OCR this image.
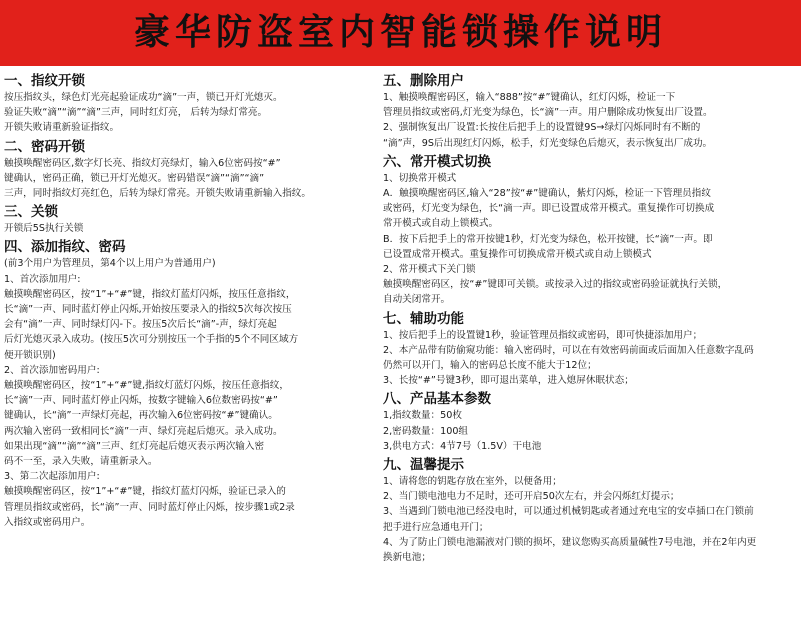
豪华防盗室内智能锁操作说明
一、指纹开锁
按压指纹头，绿色灯光亮起验证成功“滴”一声，锁已开灯光熄灭。
验证失败“滴”“滴”“滴”三声，同时红灯亮， 后转为绿灯常亮。
开锁失败请重新验证指纹。
二、密码开锁
触摸唤醒密码区,数字灯长亮、指纹灯亮绿灯，输入6位密码按“#”
键确认，密码正确，锁已开灯光熄灭。密码错误“滴”“滴”“滴”
三声，同时指纹灯亮红色，后转为绿灯常亮。开锁失败请重新输入指纹。
三、关锁
开锁后5S执行关锁
四、添加指纹、密码
(前3个用户为管理员，第4个以上用户为普通用户)
1、首次添加用户:
触摸唤醒密码区，按“1”+“#”键，指纹灯蓝灯闪烁，按压任意指纹，
长“滴”一声、同时蓝灯停止闪烁,开始按压要录入的指纹5次每次按压
会有“滴”一声、同时绿灯闪-下。按压5次后长“滴”-声，绿灯亮起
后灯光熄灭录入成功。(按压5次可分别按压一个手指的5个不同区域方
便开锁识别)
2、首次添加密码用户:
触摸唤醒密码区，按“1”+“#”键,指纹灯蓝灯闪烁，按压任意指纹，
长“滴”一声、同时蓝灯停止闪烁，按数字键输入6位数密码按“#”
键确认，长“滴”一声绿灯亮起，再次输入6位密码按“#”键确认。
两次输入密码一致相同长“滴”一声、绿灯亮起后熄灭。录入成功。
如果出现“滴”“滴”“滴”三声、红灯亮起后熄灭表示两次输入密
码不一至，录入失败，请重新录入。
3、第二次起添加用户:
触摸唤醒密码区，按“1”+“#”键，指纹灯蓝灯闪烁，验证已录入的
管理员指纹或密码，长“滴”一声、同时蓝灯停止闪烁，按步骤1或2录
入指纹或密码用户。
五、删除用户
1、触摸唤醒密码区，输入“888”按“#”键确认，红灯闪烁，检证一下
管理员指纹或密码,灯光变为绿色，长“滴”一声。用户删除成功恢复出厂设置。
2、强制恢复出厂设置:长按住后把手上的设置键9S→绿灯闪烁同时有不断的
“滴”声，9S后出现红灯闪烁，松手，灯光变绿色后熄灭，表示恢复出厂成功。
六、常开模式切换
1、切换常开模式
A．触摸唤醒密码区,输入“28”按“#”键确认，紫灯闪烁，检证一下管理员指纹
或密码，灯光变为绿色，长“滴一声。即已设置成常开模式。重复操作可切换成
常开模式或自动上锁模式。
B．按下后把手上的常开按键1秒，灯光变为绿色，松开按键，长“滴”一声。即
已设置成常开模式。重复操作可切换成常开模式或自动上锁模式
2、常开模式下关门锁
触摸唤醒密码区，按“#”键即可关锁。或按录入过的指纹或密码验证就执行关锁，
自动关闭常开。
七、辅助功能
1、按后把手上的设置键1秒，验证管理员指纹或密码，即可快捷添加用户；
2、本产品带有防偷窥功能：输入密码时，可以在有效密码前面或后面加入任意数字乱码
仍然可以开门，输入的密码总长度不能大于12位；
3、长按“#”号键3秒，即可退出菜单，进入熄屏休眠状态；
八、产品基本参数
1,指纹数量：50枚
2,密码数量：100组
3,供电方式：4节7号（1.5V）干电池
九、温馨提示
1、请将您的钥匙存放在室外，以便备用；
2、当门锁电池电力不足时，还可开启50次左右，并会闪烁红灯提示；
3、当遇到门锁电池已经没电时，可以通过机械钥匙或者通过充电宝的安卓插口在门锁前
把手进行应急通电开门；
4、为了防止门锁电池漏液对门锁的损坏，建议您购买高质量碱性7号电池，并在2年内更
换新电池；
